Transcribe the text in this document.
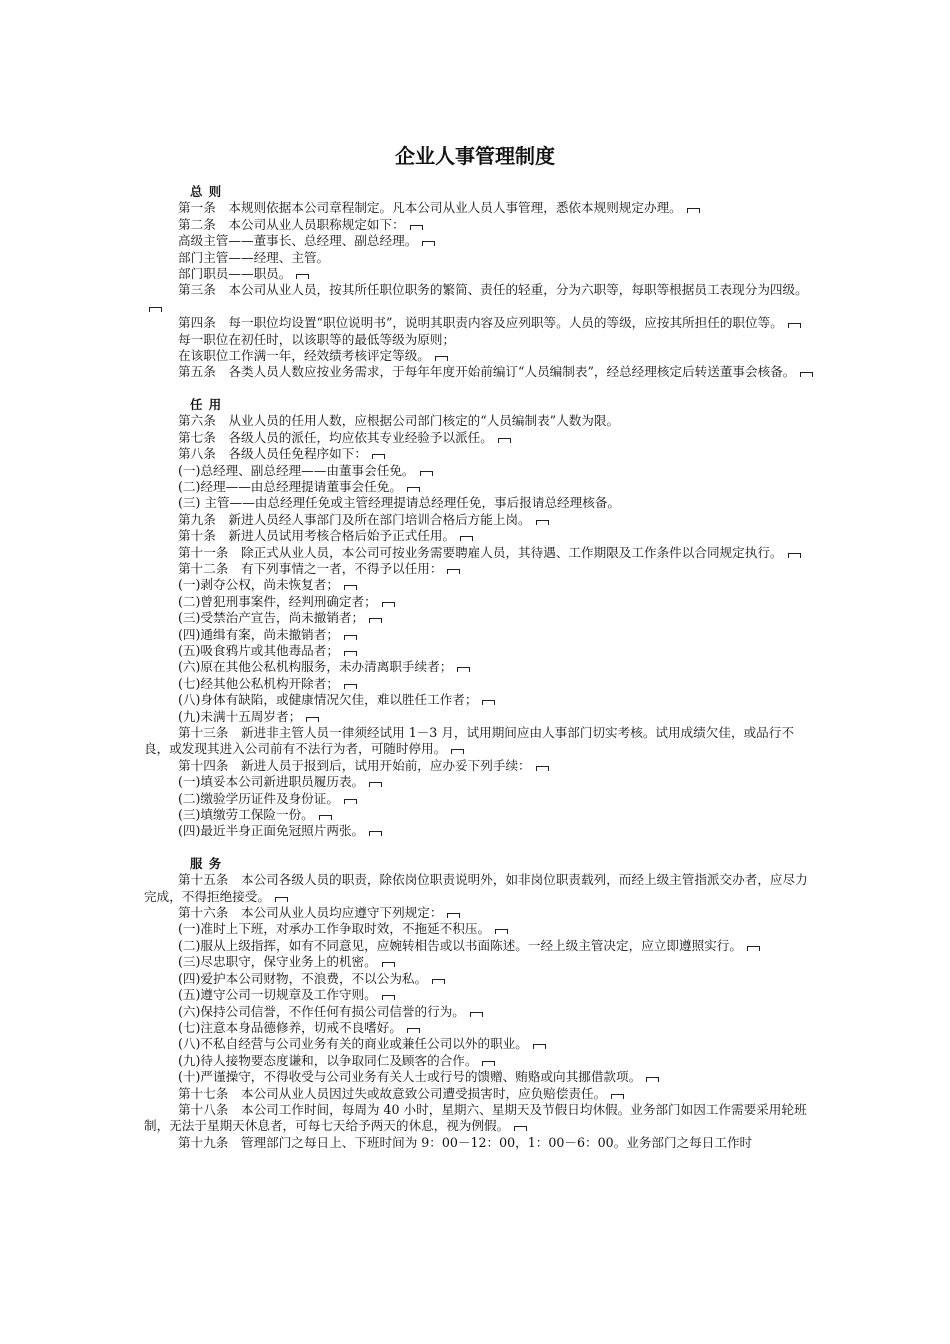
企业人事管理制度
总 则
第一条　本规则依据本公司章程制定。凡本公司从业人员人事管理，悉依本规则规定办理。
第二条　本公司从业人员职称规定如下：
高级主管——董事长、总经理、副总经理。
部门主管——经理、主管。
部门职员——职员。
第三条　本公司从业人员，按其所任职位职务的繁简、责任的轻重，分为六职等，每职等根据员工表现分为四级。
第四条　每一职位均设置“职位说明书”，说明其职责内容及应列职等。人员的等级，应按其所担任的职位等。
每一职位在初任时，以该职等的最低等级为原则；
在该职位工作满一年，经效绩考核评定等级。
第五条　各类人员人数应按业务需求，于每年年度开始前编订“人员编制表”，经总经理核定后转送董事会核备。
任 用
第六条　从业人员的任用人数，应根据公司部门核定的“人员编制表”人数为限。
第七条　各级人员的派任，均应依其专业经验予以派任。
第八条　各级人员任免程序如下：
(一)总经理、副总经理——由董事会任免。
(二)经理——由总经理提请董事会任免。
(三) 主管——由总经理任免或主管经理提请总经理任免，事后报请总经理核备。
第九条　新进人员经人事部门及所在部门培训合格后方能上岗。
第十条　新进人员试用考核合格后始予正式任用。
第十一条　除正式从业人员，本公司可按业务需要聘雇人员，其待遇、工作期限及工作条件以合同规定执行。
第十二条　有下列事情之一者，不得予以任用：
(一)剥夺公权，尚未恢复者；
(二)曾犯刑事案件，经判刑确定者；
(三)受禁治产宣告，尚未撤销者；
(四)通缉有案，尚未撤销者；
(五)吸食鸦片或其他毒品者；
(六)原在其他公私机构服务，未办清离职手续者；
(七)经其他公私机构开除者；
(八)身体有缺陷，或健康情况欠佳，难以胜任工作者；
(九)未满十五周岁者；
第十三条　新进非主管人员一律须经试用 1－3 月，试用期间应由人事部门切实考核。试用成绩欠佳，或品行不良，或发现其进入公司前有不法行为者，可随时停用。
第十四条　新进人员于报到后，试用开始前，应办妥下列手续：
(一)填妥本公司新进职员履历表。
(二)缴验学历证件及身份证。
(三)填缴劳工保险一份。
(四)最近半身正面免冠照片两张。
服 务
第十五条　本公司各级人员的职责，除依岗位职责说明外，如非岗位职责载列，而经上级主管指派交办者，应尽力完成，不得拒绝接受。
第十六条　本公司从业人员均应遵守下列规定：
(一)准时上下班，对承办工作争取时效，不拖延不积压。
(二)服从上级指挥，如有不同意见，应婉转相告或以书面陈述。一经上级主管决定，应立即遵照实行。
(三)尽忠职守，保守业务上的机密。
(四)爱护本公司财物，不浪费，不以公为私。
(五)遵守公司一切规章及工作守则。
(六)保持公司信誉，不作任何有损公司信誉的行为。
(七)注意本身品德修养，切戒不良嗜好。
(八)不私自经营与公司业务有关的商业或兼任公司以外的职业。
(九)待人接物要态度谦和，以争取同仁及顾客的合作。
(十)严谨操守，不得收受与公司业务有关人士或行号的馈赠、贿赂或向其挪借款项。
第十七条　本公司从业人员因过失或故意致公司遭受损害时，应负赔偿责任。
第十八条　本公司工作时间，每周为 40 小时，星期六、星期天及节假日均休假。业务部门如因工作需要采用轮班制，无法于星期天休息者，可每七天给予两天的休息，视为例假。
第十九条　管理部门之每日上、下班时间为 9：00－12：00，1：00－6：00。业务部门之每日工作时
